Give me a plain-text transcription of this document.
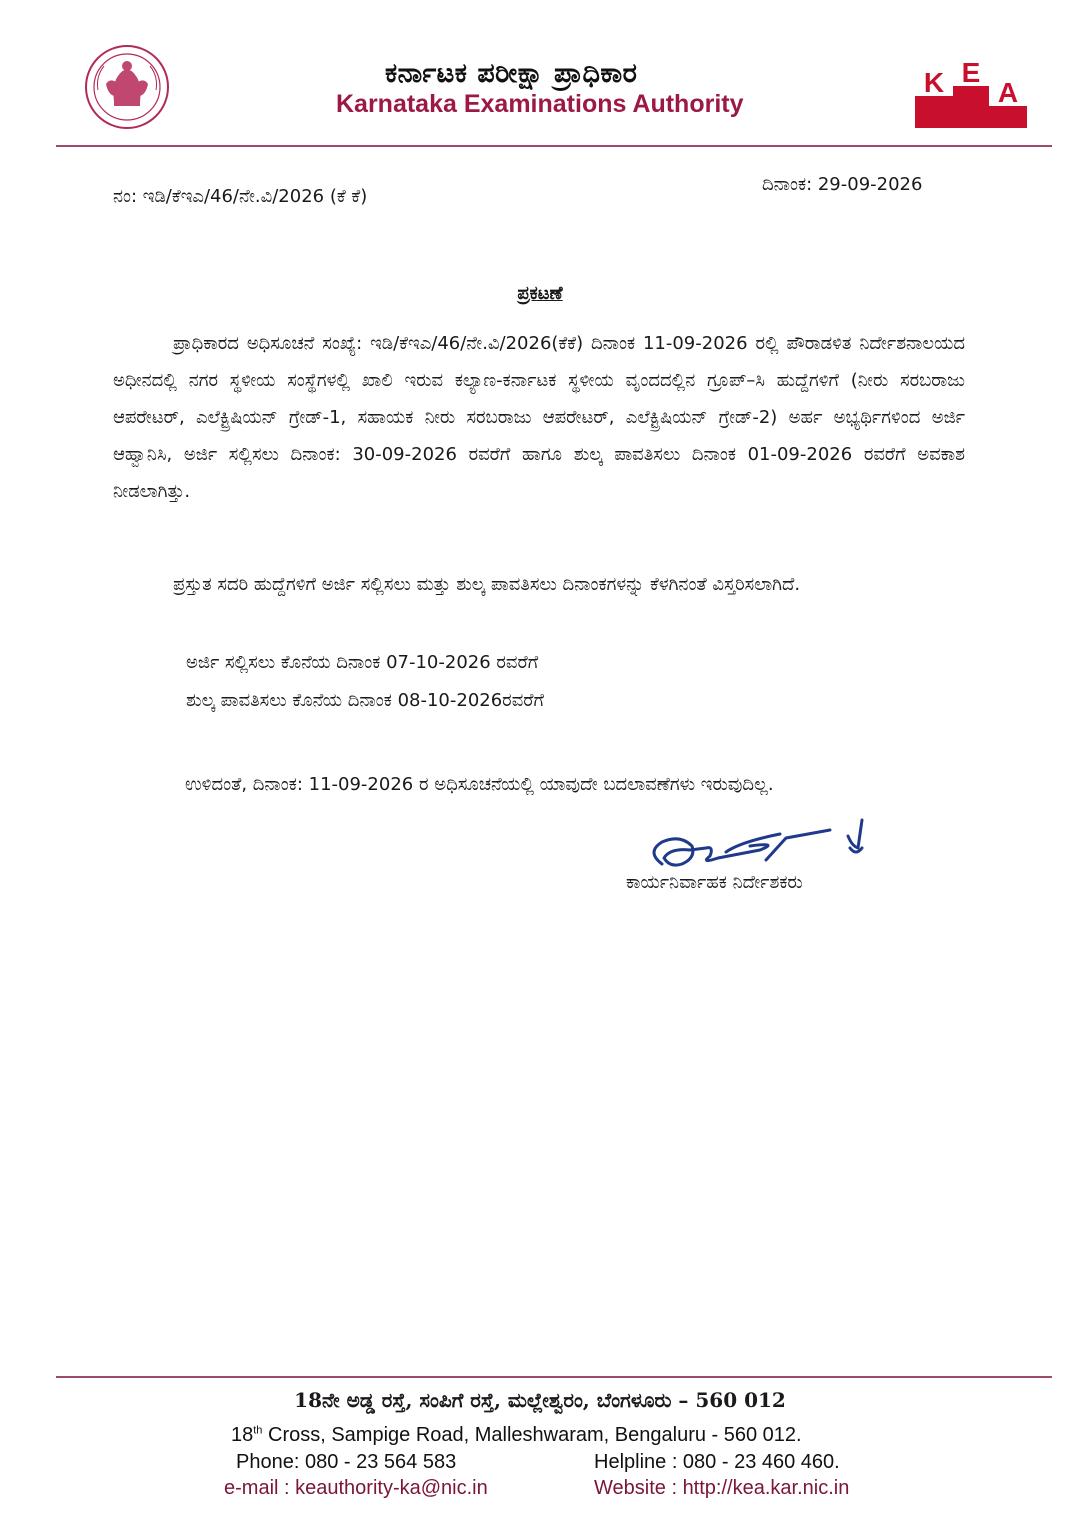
ಕರ್ನಾಟಕ ಪರೀಕ್ಷಾ ಪ್ರಾಧಿಕಾರ
Karnataka Examinations Authority
K E
A
ನಂ: ಇಡಿ/ಕೆಇಎ/46/ನೇ.ವಿ/2026 (ಕೆ ಕೆ)
ದಿನಾಂಕ: 29-09-2026
ಪ್ರಕಟಣೆ
ಪ್ರಾಧಿಕಾರದ ಅಧಿಸೂಚನೆ ಸಂಖ್ಯೆ: ಇಡಿ/ಕೆಇಎ/46/ನೇ.ವಿ/2026(ಕೆಕೆ) ದಿನಾಂಕ 11-09-2026 ರಲ್ಲಿ ಪೌರಾಡಳಿತ ನಿರ್ದೇಶನಾಲಯದ ಅಧೀನದಲ್ಲಿ ನಗರ ಸ್ಥಳೀಯ ಸಂಸ್ಥೆಗಳಲ್ಲಿ ಖಾಲಿ ಇರುವ ಕಲ್ಯಾಣ-ಕರ್ನಾಟಕ ಸ್ಥಳೀಯ ವೃಂದದಲ್ಲಿನ ಗ್ರೂಪ್–ಸಿ ಹುದ್ದೆಗಳಿಗೆ (ನೀರು ಸರಬರಾಜು ಆಪರೇಟರ್, ಎಲೆಕ್ಟ್ರಿಷಿಯನ್ ಗ್ರೇಡ್-1, ಸಹಾಯಕ ನೀರು ಸರಬರಾಜು ಆಪರೇಟರ್, ಎಲೆಕ್ಟ್ರಿಷಿಯನ್ ಗ್ರೇಡ್-2) ಅರ್ಹ ಅಭ್ಯರ್ಥಿಗಳಿಂದ ಅರ್ಜಿ ಆಹ್ವಾನಿಸಿ, ಅರ್ಜಿ ಸಲ್ಲಿಸಲು ದಿನಾಂಕ: 30-09-2026 ರವರೆಗೆ ಹಾಗೂ ಶುಲ್ಕ ಪಾವತಿಸಲು ದಿನಾಂಕ 01-09-2026 ರವರೆಗೆ ಅವಕಾಶ ನೀಡಲಾಗಿತ್ತು.
ಪ್ರಸ್ತುತ ಸದರಿ ಹುದ್ದೆಗಳಿಗೆ ಅರ್ಜಿ ಸಲ್ಲಿಸಲು ಮತ್ತು ಶುಲ್ಕ ಪಾವತಿಸಲು ದಿನಾಂಕಗಳನ್ನು ಕೆಳಗಿನಂತೆ ವಿಸ್ತರಿಸಲಾಗಿದೆ.
ಅರ್ಜಿ ಸಲ್ಲಿಸಲು ಕೊನೆಯ ದಿನಾಂಕ 07-10-2026 ರವರೆಗೆ
ಶುಲ್ಕ ಪಾವತಿಸಲು ಕೊನೆಯ ದಿನಾಂಕ 08-10-2026ರವರೆಗೆ
ಉಳಿದಂತೆ, ದಿನಾಂಕ: 11-09-2026 ರ ಅಧಿಸೂಚನೆಯಲ್ಲಿ ಯಾವುದೇ ಬದಲಾವಣೆಗಳು ಇರುವುದಿಲ್ಲ.
ಕಾರ್ಯನಿರ್ವಾಹಕ ನಿರ್ದೇಶಕರು
18ನೇ ಅಡ್ಡ ರಸ್ತೆ, ಸಂಪಿಗೆ ರಸ್ತೆ, ಮಲ್ಲೇಶ್ವರಂ, ಬೆಂಗಳೂರು – 560 012
18th Cross, Sampige Road, Malleshwaram, Bengaluru - 560 012.
Phone: 080 - 23 564 583	Helpline : 080 - 23 460 460.
e-mail : keauthority-ka@nic.in	Website : http://kea.kar.nic.in
